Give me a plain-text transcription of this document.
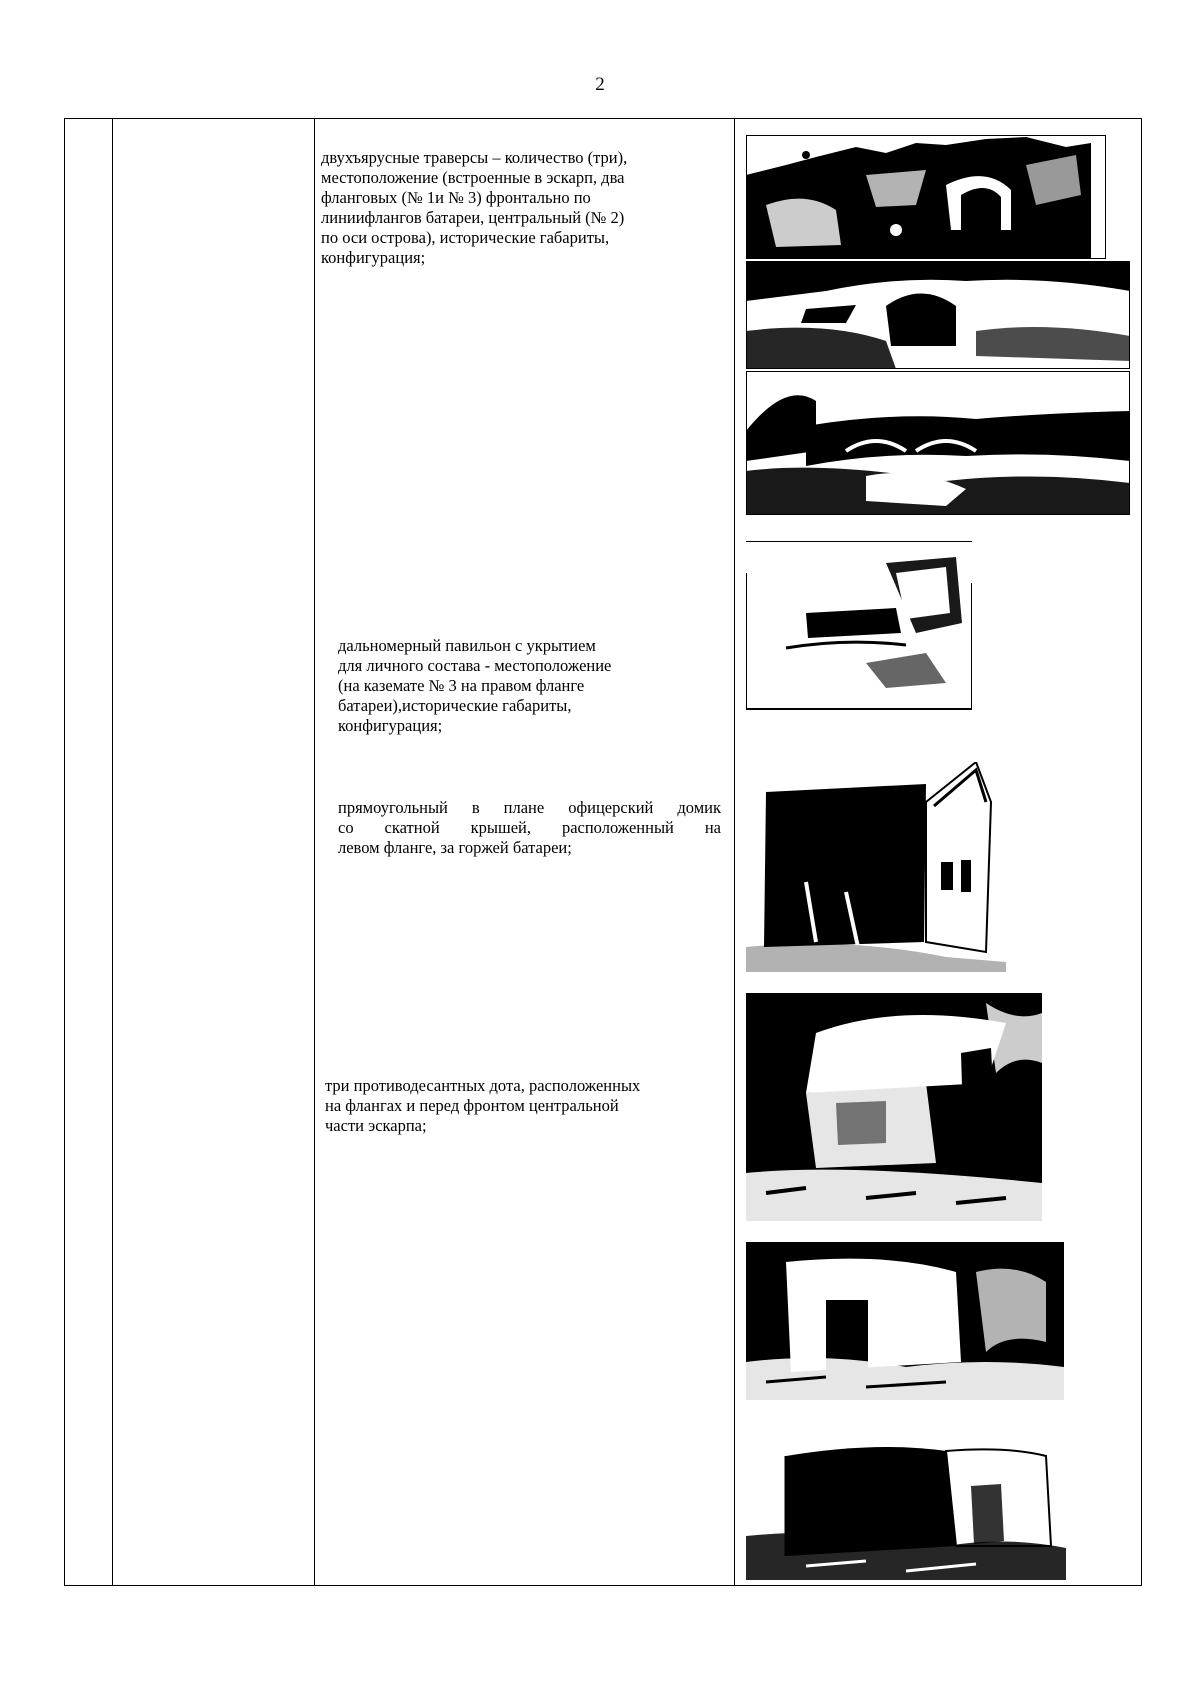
2
двухъярусные траверсы – количество (три),
местоположение (встроенные в эскарп, два
фланговых (№ 1и № 3) фронтально по
линиифлангов батареи, центральный (№ 2)
по оси острова), исторические габариты,
конфигурация;
дальномерный павильон с укрытием
для личного состава - местоположение
(на каземате № 3 на правом фланге
батареи),исторические габариты,
конфигурация;
прямоугольный в плане офицерский домик
со скатной крышей, расположенный на
левом фланге, за горжей батареи;
три противодесантных дота, расположенных
на флангах и перед фронтом центральной
части эскарпа;
